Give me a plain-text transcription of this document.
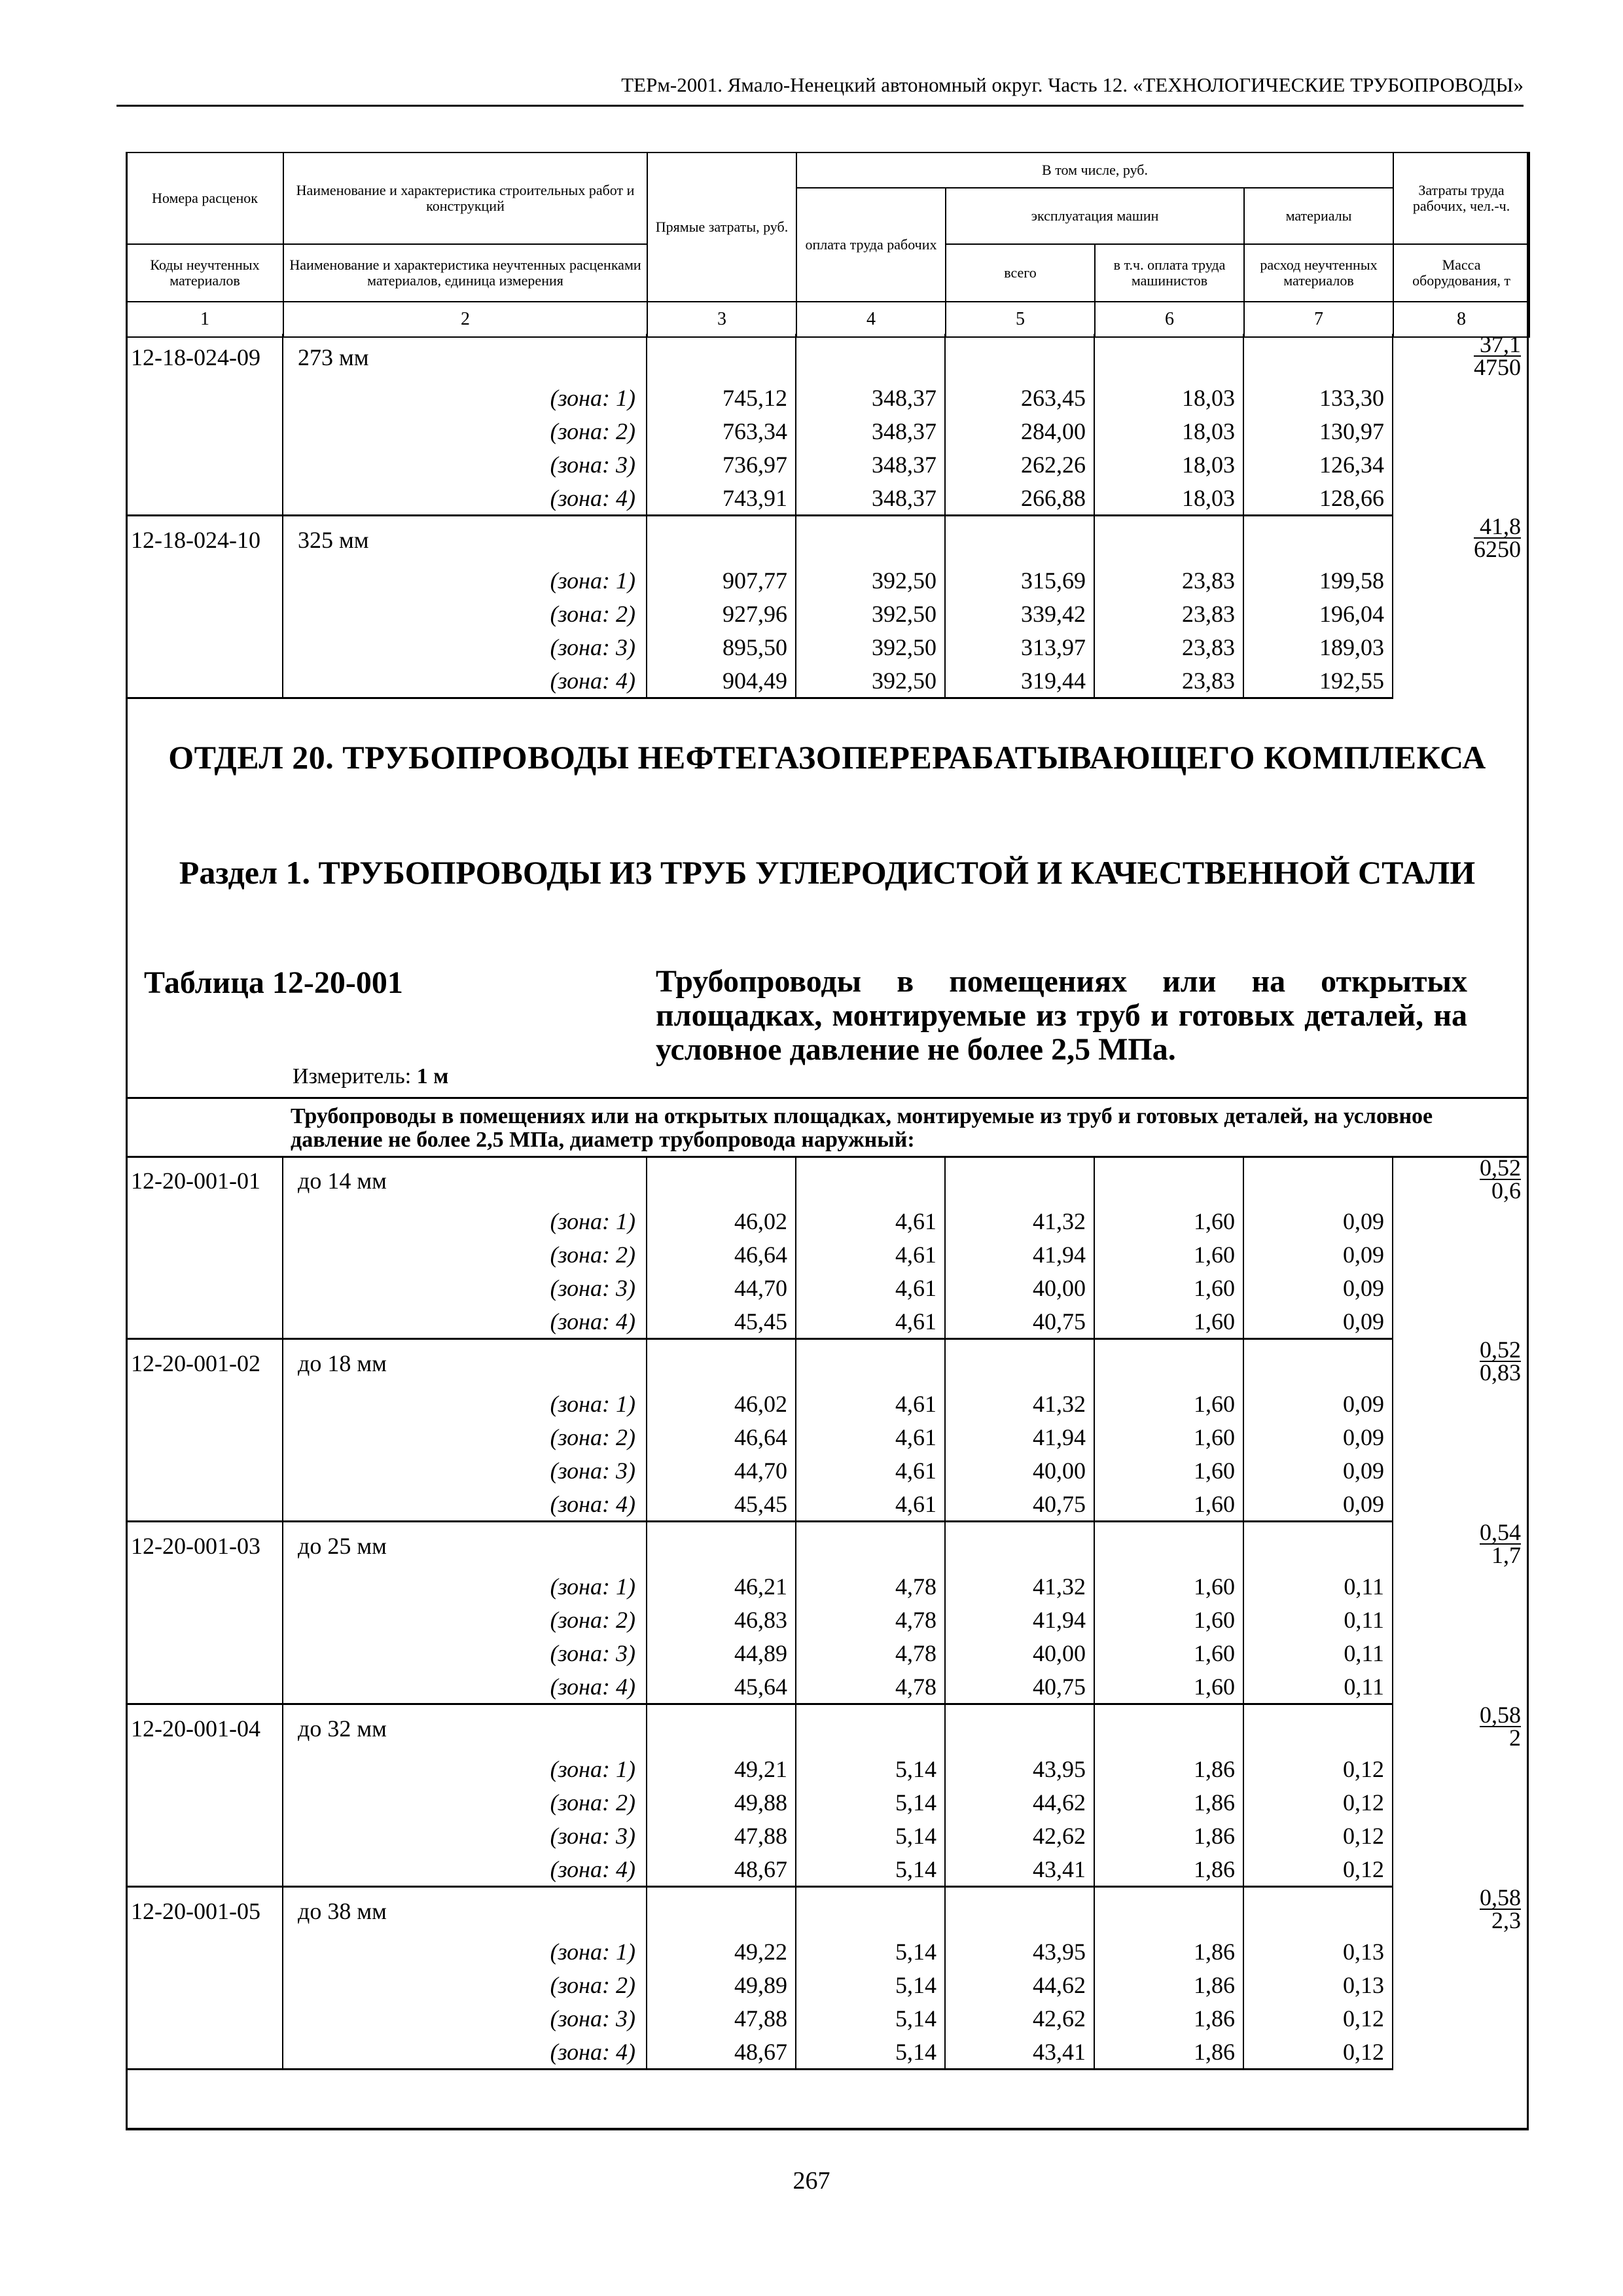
ТЕРм-2001. Ямало-Ненецкий автономный округ. Часть 12. «ТЕХНОЛОГИЧЕСКИЕ ТРУБОПРОВОДЫ»
Номера расценок	Наименование и характеристика строительных работ и конструкций	Прямые затраты, руб.	В том числе, руб.				Затраты труда рабочих, чел.-ч.
			оплата труда рабочих	эксплуатация машин		материалы	
Коды неучтенных материалов	Наименование и характеристика неучтенных расценками материалов, единица измерения			всего	в т.ч. оплата труда машинистов	расход неучтенных материалов	Масса оборудования, т
1	2	3	4	5	6	7	8
12-18-024-09	273 мм						$\frac{37,1}{4750}$

	(зона: 1)	745,12	348,37	263,45	18,03	133,30	
	(зона: 2)	763,34	348,37	284,00	18,03	130,97	
	(зона: 3)	736,97	348,37	262,26	18,03	126,34	
	(зона: 4)	743,91	348,37	266,88	18,03	128,66	
12-18-024-10	325 мм						$\frac{41,8}{6250}$

	(зона: 1)	907,77	392,50	315,69	23,83	199,58	
	(зона: 2)	927,96	392,50	339,42	23,83	196,04	
	(зона: 3)	895,50	392,50	313,97	23,83	189,03	
	(зона: 4)	904,49	392,50	319,44	23,83	192,55	
ОТДЕЛ 20. ТРУБОПРОВОДЫ НЕФТЕГАЗОПЕРЕРАБАТЫВАЮЩЕГО КОМПЛЕКСА
Раздел 1. ТРУБОПРОВОДЫ ИЗ ТРУБ УГЛЕРОДИСТОЙ И КАЧЕСТВЕННОЙ СТАЛИ
Таблица 12-20-001	Трубопроводы в помещениях или на открытых площадках, монтируемые из труб и готовых деталей, на условное давление не более 2,5 МПа.
Измеритель: 1 м
Трубопроводы в помещениях или на открытых площадках, монтируемые из труб и готовых деталей, на условное давление не более 2,5 МПа, диаметр трубопровода наружный:
12-20-001-01	до 14 мм						$\frac{0,52}{0,6}$

	(зона: 1)	46,02	4,61	41,32	1,60	0,09	
	(зона: 2)	46,64	4,61	41,94	1,60	0,09	
	(зона: 3)	44,70	4,61	40,00	1,60	0,09	
	(зона: 4)	45,45	4,61	40,75	1,60	0,09	
12-20-001-02	до 18 мм						$\frac{0,52}{0,83}$

	(зона: 1)	46,02	4,61	41,32	1,60	0,09	
	(зона: 2)	46,64	4,61	41,94	1,60	0,09	
	(зона: 3)	44,70	4,61	40,00	1,60	0,09	
	(зона: 4)	45,45	4,61	40,75	1,60	0,09	
12-20-001-03	до 25 мм						$\frac{0,54}{1,7}$

	(зона: 1)	46,21	4,78	41,32	1,60	0,11	
	(зона: 2)	46,83	4,78	41,94	1,60	0,11	
	(зона: 3)	44,89	4,78	40,00	1,60	0,11	
	(зона: 4)	45,64	4,78	40,75	1,60	0,11	
12-20-001-04	до 32 мм						$\frac{0,58}{2}$

	(зона: 1)	49,21	5,14	43,95	1,86	0,12	
	(зона: 2)	49,88	5,14	44,62	1,86	0,12	
	(зона: 3)	47,88	5,14	42,62	1,86	0,12	
	(зона: 4)	48,67	5,14	43,41	1,86	0,12	
12-20-001-05	до 38 мм						$\frac{0,58}{2,3}$

	(зона: 1)	49,22	5,14	43,95	1,86	0,13	
	(зона: 2)	49,89	5,14	44,62	1,86	0,13	
	(зона: 3)	47,88	5,14	42,62	1,86	0,12	
	(зона: 4)	48,67	5,14	43,41	1,86	0,12	
267
